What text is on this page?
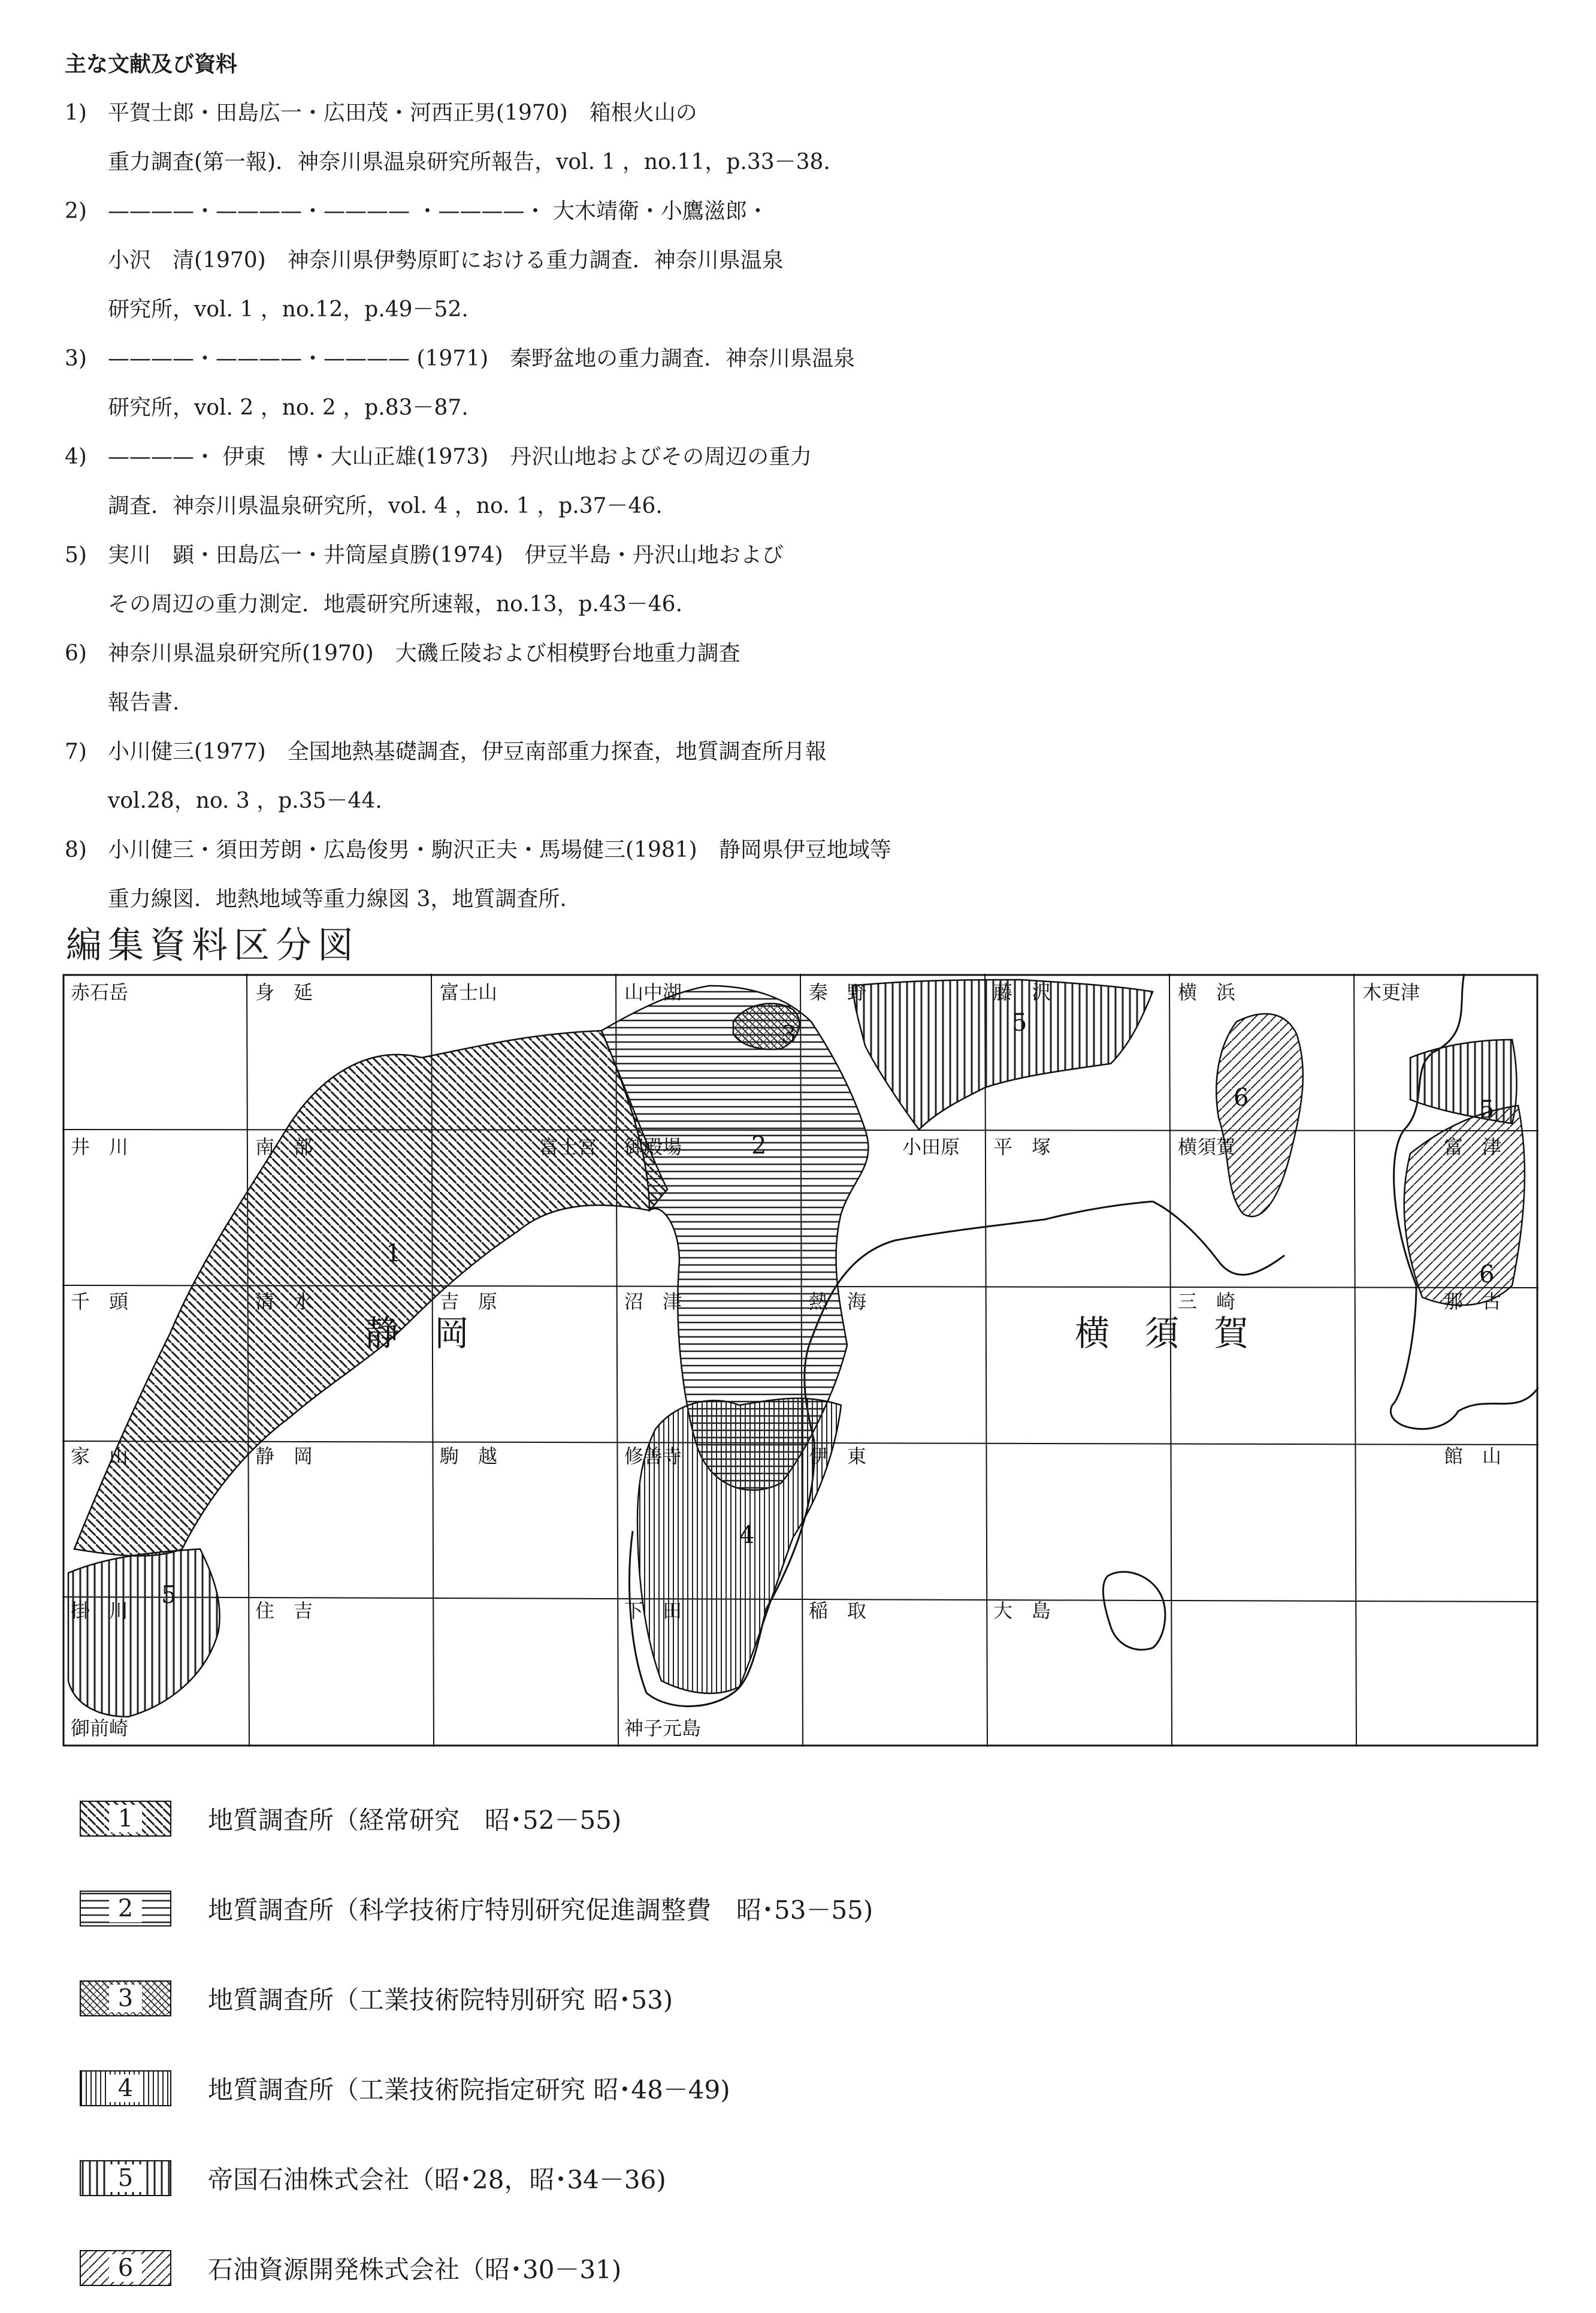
主な文献及び資料
1) 平賀士郎・田島広一・広田茂・河西正男(1970)　箱根火山の
重力調査(第一報)．神奈川県温泉研究所報告，vol. 1 ，no.11，p.33－38.
2) ————・————・———— ・————・ 大木靖衛・小鷹滋郎・
小沢　清(1970)　神奈川県伊勢原町における重力調査．神奈川県温泉
研究所，vol. 1 ，no.12，p.49－52.
3) ————・————・———— (1971)　秦野盆地の重力調査．神奈川県温泉
研究所，vol. 2 ，no. 2 ，p.83－87.
4) ————・ 伊東　博・大山正雄(1973)　丹沢山地およびその周辺の重力
調査．神奈川県温泉研究所，vol. 4 ，no. 1 ，p.37－46.
5) 実川　顕・田島広一・井筒屋貞勝(1974)　伊豆半島・丹沢山地および
その周辺の重力測定．地震研究所速報，no.13，p.43－46.
6) 神奈川県温泉研究所(1970)　大磯丘陵および相模野台地重力調査
報告書.
7) 小川健三(1977)　全国地熱基礎調査，伊豆南部重力探査，地質調査所月報
vol.28，no. 3 ，p.35－44.
8) 小川健三・須田芳朗・広島俊男・駒沢正夫・馬場健三(1981)　静岡県伊豆地域等
重力線図．地熱地域等重力線図 3，地質調査所.
編集資料区分図
赤石岳	身　延	富士山	山中湖	秦　野	藤　沢	横　浜	木更津
井　川	南　部	富士宮 御殿場	小田原 平　塚	横須賀	富　津
千　頭	清　水	吉　原	沼　津	熱　海	三　崎	那　古
家　山	静　岡	駒　越	修善寺	伊　東	館　山
掛　川	住　吉	下　田	稲　取	大　島
御前崎	神子元島
静　岡	横　須　賀
1
2
3
4
5
5
5
6
6
1	地質調査所（経常研究　昭･52－55)
2	地質調査所（科学技術庁特別研究促進調整費　昭･53－55)
3	地質調査所（工業技術院特別研究 昭･53)
4	地質調査所（工業技術院指定研究 昭･48－49)
5	帝国石油株式会社（昭･28，昭･34－36)
6	石油資源開発株式会社（昭･30－31)
